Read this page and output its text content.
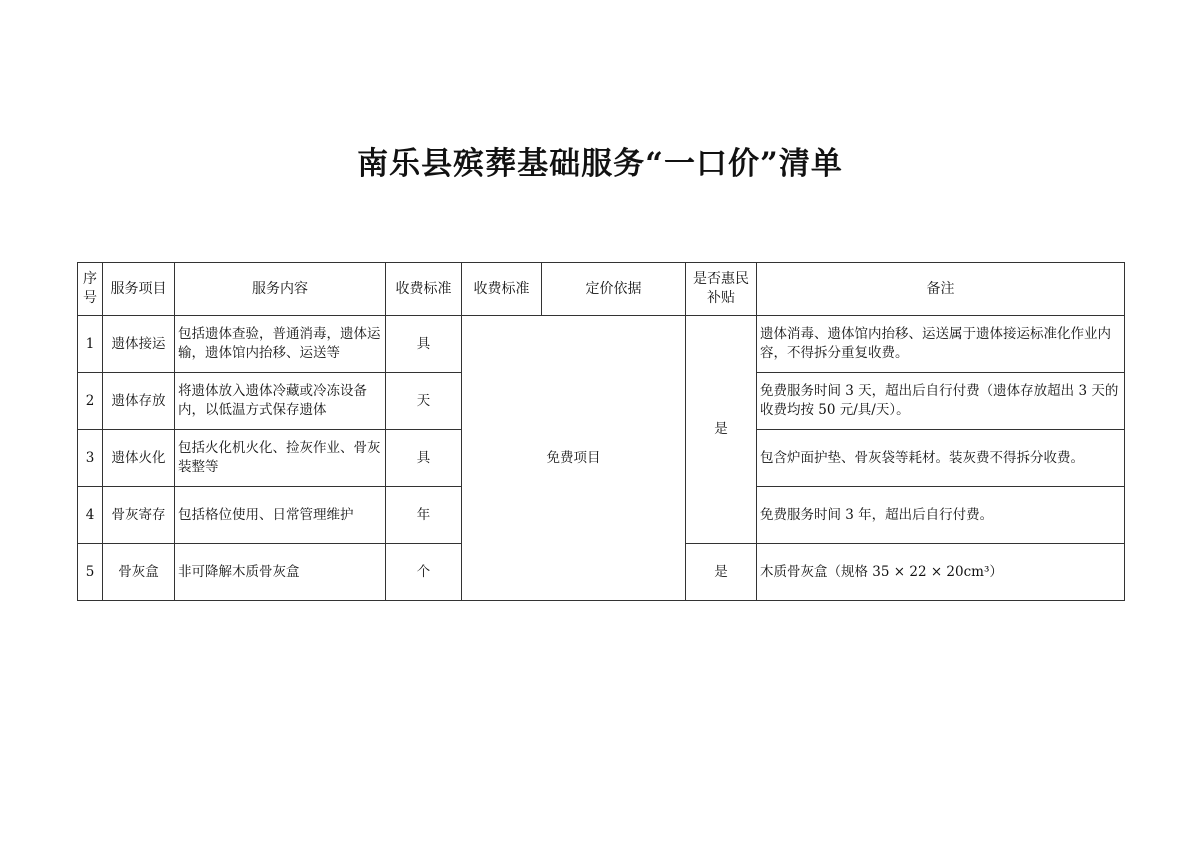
南乐县殡葬基础服务“一口价”清单
序号	服务项目	服务内容	收费标准	收费标准	定价依据	是否惠民补贴	备注
1	遗体接运	包括遗体查验，普通消毒，遗体运输，遗体馆内抬移、运送等	具	免费项目		是	遗体消毒、遗体馆内抬移、运送属于遗体接运标准化作业内容，不得拆分重复收费。
2	遗体存放	将遗体放入遗体冷藏或冷冻设备内，以低温方式保存遗体	天				免费服务时间 3 天，超出后自行付费（遗体存放超出 3 天的收费均按 50 元/具/天）。
3	遗体火化	包括火化机火化、捡灰作业、骨灰装整等	具				包含炉面护垫、骨灰袋等耗材。装灰费不得拆分收费。
4	骨灰寄存	包括格位使用、日常管理维护	年				免费服务时间 3 年，超出后自行付费。
5	骨灰盒	非可降解木质骨灰盒	个			是	木质骨灰盒（规格 35 × 22 × 20cm³）
